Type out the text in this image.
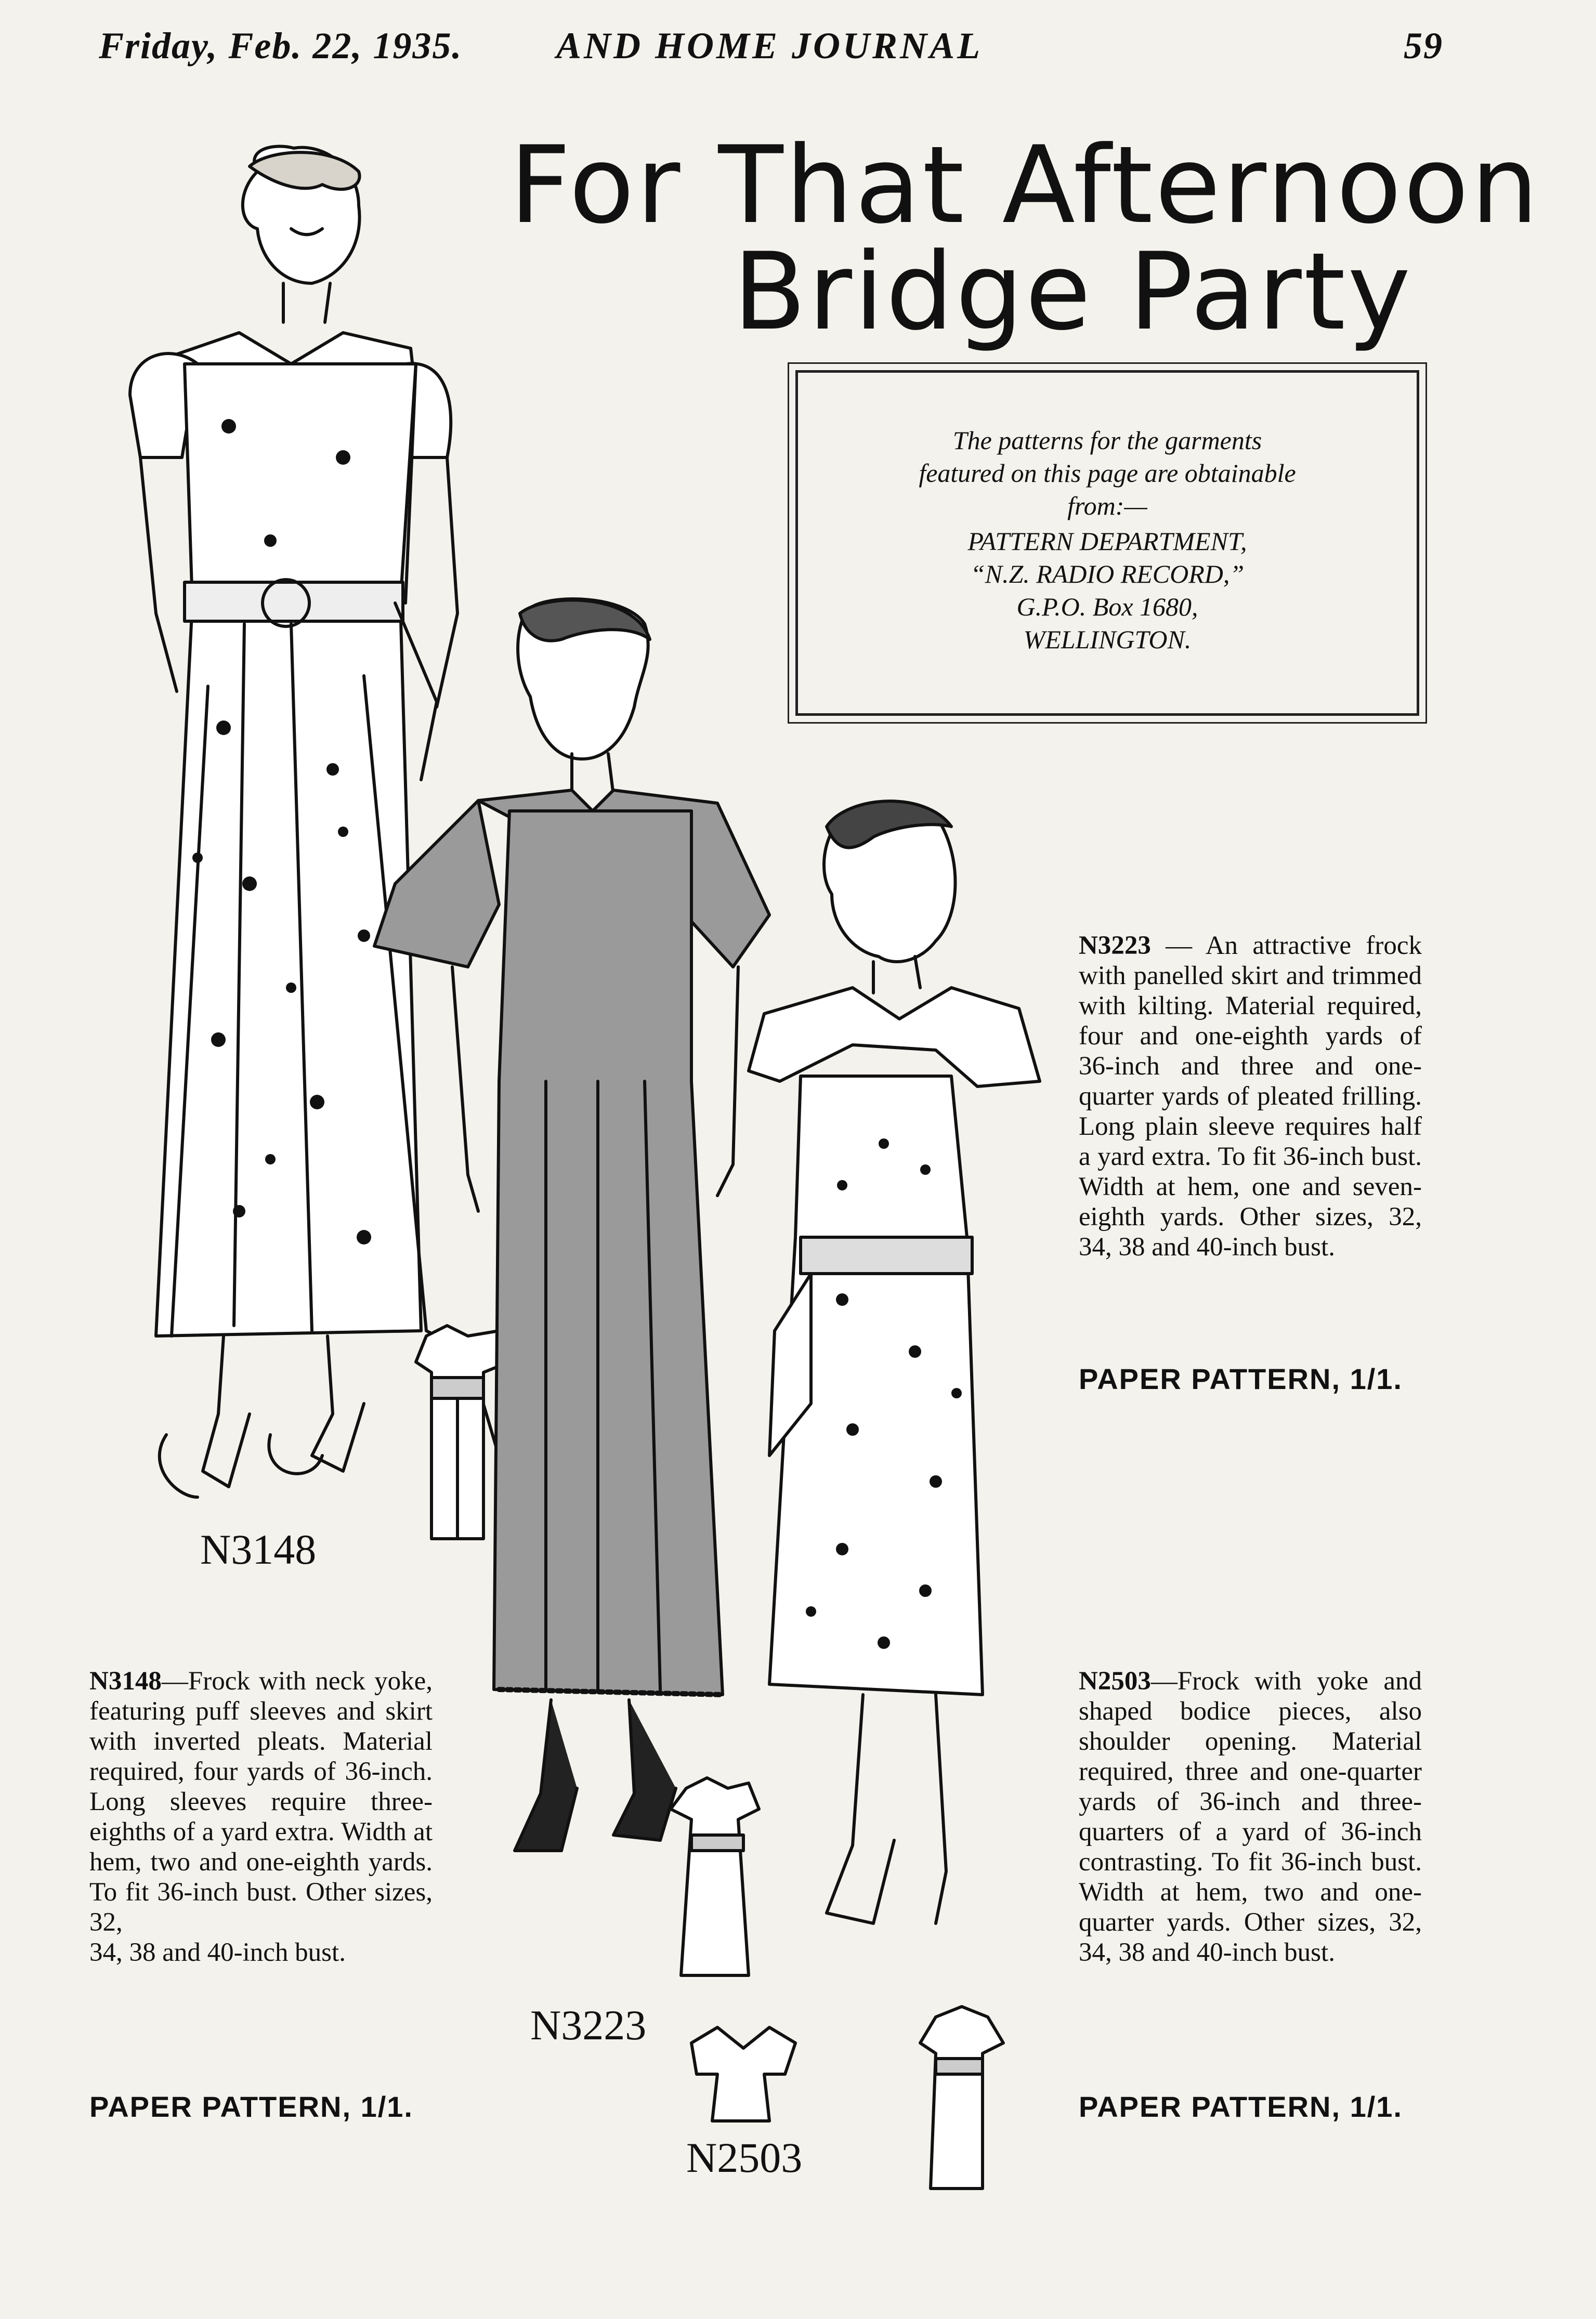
Friday, Feb. 22, 1935.	AND HOME JOURNAL	59
For That Afternoon
Bridge Party
The patterns for the garments
featured on this page are obtainable
from:—
PATTERN DEPARTMENT,
“N.Z. RADIO RECORD,”
G.P.O. Box 1680,
WELLINGTON.
N3223 — An attractive frock with panelled skirt and trimmed with kilting. Material required, four and one-eighth yards of 36-inch and three and one-quarter yards of pleated frilling. Long plain sleeve requires half a yard extra. To fit 36-inch bust. Width at hem, one and seven-eighth yards. Other sizes, 32,
34, 38 and 40-inch bust.
PAPER PATTERN, 1/1.
N3148—Frock with neck yoke, featuring puff sleeves and skirt with inverted pleats. Material required, four yards of 36-inch. Long sleeves require three-eighths of a yard extra. Width at hem, two and one-eighth yards. To fit 36-inch bust. Other sizes, 32,
34, 38 and 40-inch bust.
PAPER PATTERN, 1/1.
N2503—Frock with yoke and shaped bodice pieces, also shoulder opening. Material required, three and one-quarter yards of 36-inch and three-quarters of a yard of 36-inch contrasting. To fit 36-inch bust. Width at hem, two and one-quarter yards. Other sizes, 32,
34, 38 and 40-inch bust.
PAPER PATTERN, 1/1.
N3148
N3223
N2503
